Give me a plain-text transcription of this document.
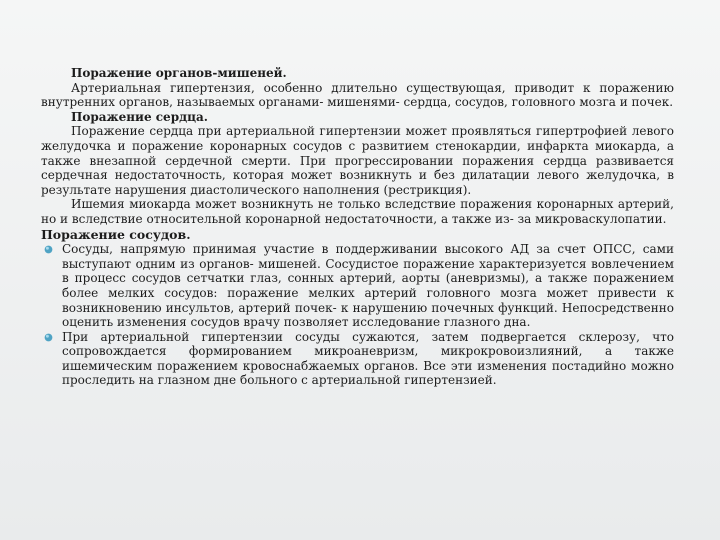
Поражение органов-мишеней.

Артериальная гипертензия, особенно длительно существующая, приводит к поражению внутренних органов, называемых органами- мишенями- сердца, сосудов, головного мозга и почек.

Поражение сердца.

Поражение сердца при артериальной гипертензии может проявляться гипертрофией левого желудочка и поражение коронарных сосудов с развитием стенокардии, инфаркта миокарда, а также внезапной сердечной смерти. При прогрессировании поражения сердца развивается сердечная недостаточность, которая может возникнуть и без дилатации левого желудочка, в результате нарушения диастолического наполнения (рестрикция).

Ишемия миокарда может возникнуть не только вследствие поражения коронарных артерий, но и вследствие относительной коронарной недостаточности, а также из- за микроваскулопатии.

Поражение сосудов.

Сосуды, напрямую принимая участие в поддерживании высокого АД за счет ОПСС, сами выступают одним из органов- мишеней. Сосудистое поражение характеризуется вовлечением в процесс сосудов сетчатки глаз, сонных артерий, аорты (аневризмы), а также поражением более мелких сосудов: поражение мелких артерий головного мозга может привести к возникновению инсультов, артерий почек- к нарушению почечных функций. Непосредственно оценить изменения сосудов врачу позволяет исследование глазного дна.

При артериальной гипертензии сосуды сужаются, затем подвергается склерозу, что сопровождается формированием микроаневризм, микрокровоизлияний, а также ишемическим поражением кровоснабжаемых органов. Все эти изменения постадийно можно проследить на глазном дне больного с артериальной гипертензией.
